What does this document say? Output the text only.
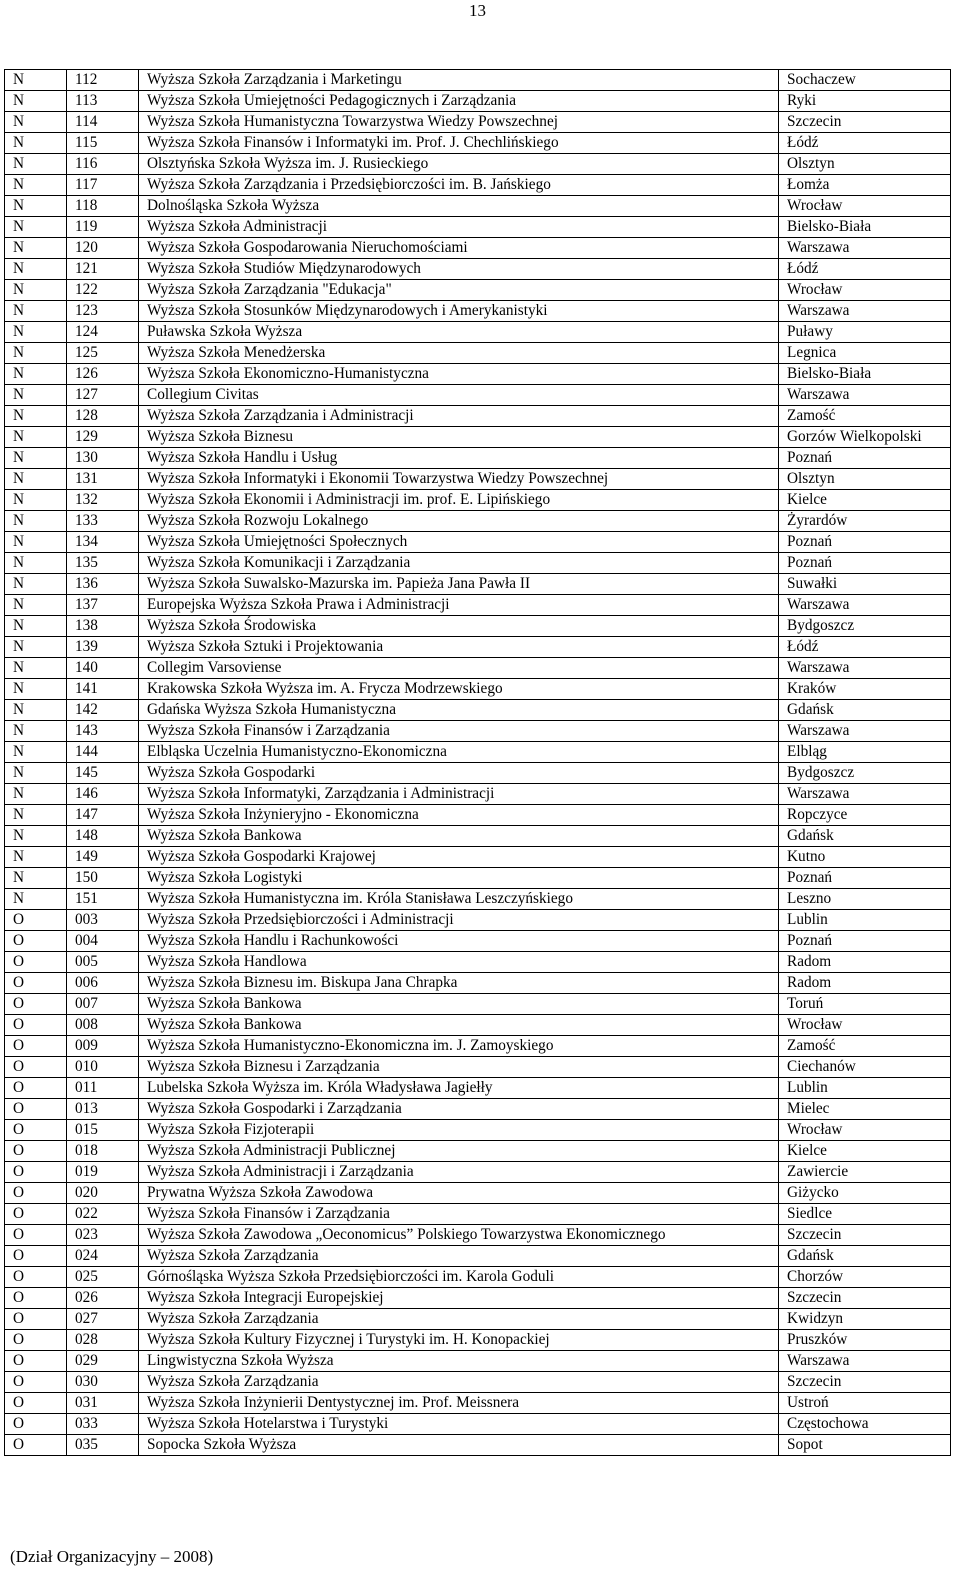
13
N	112	Wyższa Szkoła Zarządzania i Marketingu	Sochaczew
N	113	Wyższa Szkoła Umiejętności Pedagogicznych i Zarządzania	Ryki
N	114	Wyższa Szkoła Humanistyczna Towarzystwa Wiedzy Powszechnej	Szczecin
N	115	Wyższa Szkoła Finansów i Informatyki im. Prof. J. Chechlińskiego	Łódź
N	116	Olsztyńska Szkoła Wyższa im. J. Rusieckiego	Olsztyn
N	117	Wyższa Szkoła Zarządzania i Przedsiębiorczości im. B. Jańskiego	Łomża
N	118	Dolnośląska Szkoła Wyższa	Wrocław
N	119	Wyższa Szkoła Administracji	Bielsko-Biała
N	120	Wyższa Szkoła Gospodarowania Nieruchomościami	Warszawa
N	121	Wyższa Szkoła Studiów Międzynarodowych	Łódź
N	122	Wyższa Szkoła Zarządzania "Edukacja"	Wrocław
N	123	Wyższa Szkoła Stosunków Międzynarodowych i Amerykanistyki	Warszawa
N	124	Puławska Szkoła Wyższa	Puławy
N	125	Wyższa Szkoła Menedżerska	Legnica
N	126	Wyższa Szkoła Ekonomiczno-Humanistyczna	Bielsko-Biała
N	127	Collegium Civitas	Warszawa
N	128	Wyższa Szkoła Zarządzania i Administracji	Zamość
N	129	Wyższa Szkoła Biznesu	Gorzów Wielkopolski
N	130	Wyższa Szkoła Handlu i Usług	Poznań
N	131	Wyższa Szkoła Informatyki i Ekonomii Towarzystwa Wiedzy Powszechnej	Olsztyn
N	132	Wyższa Szkoła Ekonomii i Administracji im. prof. E. Lipińskiego	Kielce
N	133	Wyższa Szkoła Rozwoju Lokalnego	Żyrardów
N	134	Wyższa Szkoła Umiejętności Społecznych	Poznań
N	135	Wyższa Szkoła Komunikacji i Zarządzania	Poznań
N	136	Wyższa Szkoła Suwalsko-Mazurska im. Papieża Jana Pawła II	Suwałki
N	137	Europejska Wyższa Szkoła Prawa i Administracji	Warszawa
N	138	Wyższa Szkoła Środowiska	Bydgoszcz
N	139	Wyższa Szkoła Sztuki i Projektowania	Łódź
N	140	Collegim Varsoviense	Warszawa
N	141	Krakowska Szkoła Wyższa im. A. Frycza Modrzewskiego	Kraków
N	142	Gdańska Wyższa Szkoła Humanistyczna	Gdańsk
N	143	Wyższa Szkoła Finansów i Zarządzania	Warszawa
N	144	Elbląska Uczelnia Humanistyczno-Ekonomiczna	Elbląg
N	145	Wyższa Szkoła Gospodarki	Bydgoszcz
N	146	Wyższa Szkoła Informatyki, Zarządzania i Administracji	Warszawa
N	147	Wyższa Szkoła Inżynieryjno - Ekonomiczna	Ropczyce
N	148	Wyższa Szkoła Bankowa	Gdańsk
N	149	Wyższa Szkoła Gospodarki Krajowej	Kutno
N	150	Wyższa Szkoła Logistyki	Poznań
N	151	Wyższa Szkoła Humanistyczna im. Króla Stanisława Leszczyńskiego	Leszno
O	003	Wyższa Szkoła Przedsiębiorczości i Administracji	Lublin
O	004	Wyższa Szkoła Handlu i Rachunkowości	Poznań
O	005	Wyższa Szkoła Handlowa	Radom
O	006	Wyższa Szkoła Biznesu im. Biskupa Jana Chrapka	Radom
O	007	Wyższa Szkoła Bankowa	Toruń
O	008	Wyższa Szkoła Bankowa	Wrocław
O	009	Wyższa Szkoła Humanistyczno-Ekonomiczna im. J. Zamoyskiego	Zamość
O	010	Wyższa Szkoła Biznesu i Zarządzania	Ciechanów
O	011	Lubelska Szkoła Wyższa im. Króla Władysława Jagiełły	Lublin
O	013	Wyższa Szkoła Gospodarki i Zarządzania	Mielec
O	015	Wyższa Szkoła Fizjoterapii	Wrocław
O	018	Wyższa Szkoła Administracji Publicznej	Kielce
O	019	Wyższa Szkoła Administracji i Zarządzania	Zawiercie
O	020	Prywatna Wyższa Szkoła Zawodowa	Giżycko
O	022	Wyższa Szkoła Finansów i Zarządzania	Siedlce
O	023	Wyższa Szkoła Zawodowa „Oeconomicus” Polskiego Towarzystwa Ekonomicznego	Szczecin
O	024	Wyższa Szkoła Zarządzania	Gdańsk
O	025	Górnośląska Wyższa Szkoła Przedsiębiorczości im. Karola Goduli	Chorzów
O	026	Wyższa Szkoła Integracji Europejskiej	Szczecin
O	027	Wyższa Szkoła Zarządzania	Kwidzyn
O	028	Wyższa Szkoła Kultury Fizycznej i Turystyki im. H. Konopackiej	Pruszków
O	029	Lingwistyczna Szkoła Wyższa	Warszawa
O	030	Wyższa Szkoła Zarządzania	Szczecin
O	031	Wyższa Szkoła Inżynierii Dentystycznej im. Prof. Meissnera	Ustroń
O	033	Wyższa Szkoła Hotelarstwa i Turystyki	Częstochowa
O	035	Sopocka Szkoła Wyższa	Sopot
(Dział Organizacyjny – 2008)
